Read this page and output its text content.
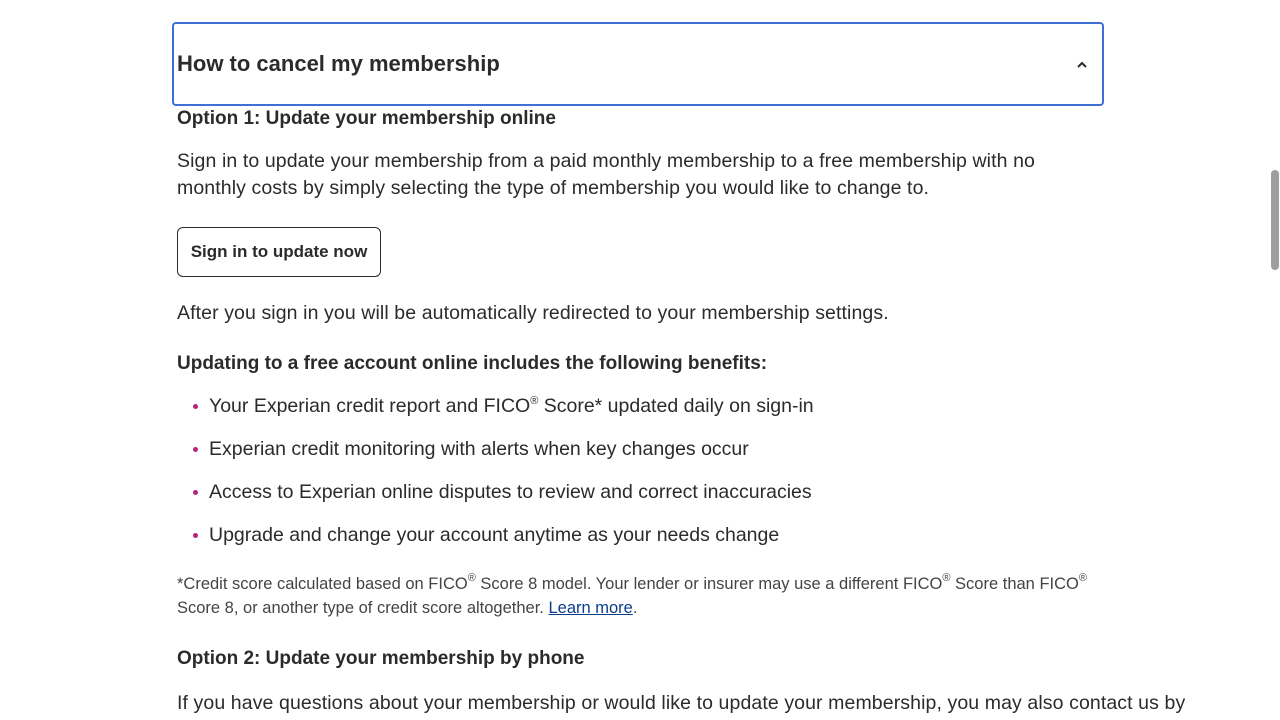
How to cancel my membership
Option 1: Update your membership online

Sign in to update your membership from a paid monthly membership to a free membership with no monthly costs by simply selecting the type of membership you would like to change to.

Sign in to update now

After you sign in you will be automatically redirected to your membership settings.

Updating to a free account online includes the following benefits:
Your Experian credit report and FICO® Score* updated daily on sign-in
Experian credit monitoring with alerts when key changes occur
Access to Experian online disputes to review and correct inaccuracies
Upgrade and change your account anytime as your needs change
*Credit score calculated based on FICO® Score 8 model. Your lender or insurer may use a different FICO® Score than FICO® Score 8, or another type of credit score altogether. Learn more.
Option 2: Update your membership by phone

If you have questions about your membership or would like to update your membership, you may also contact us by
